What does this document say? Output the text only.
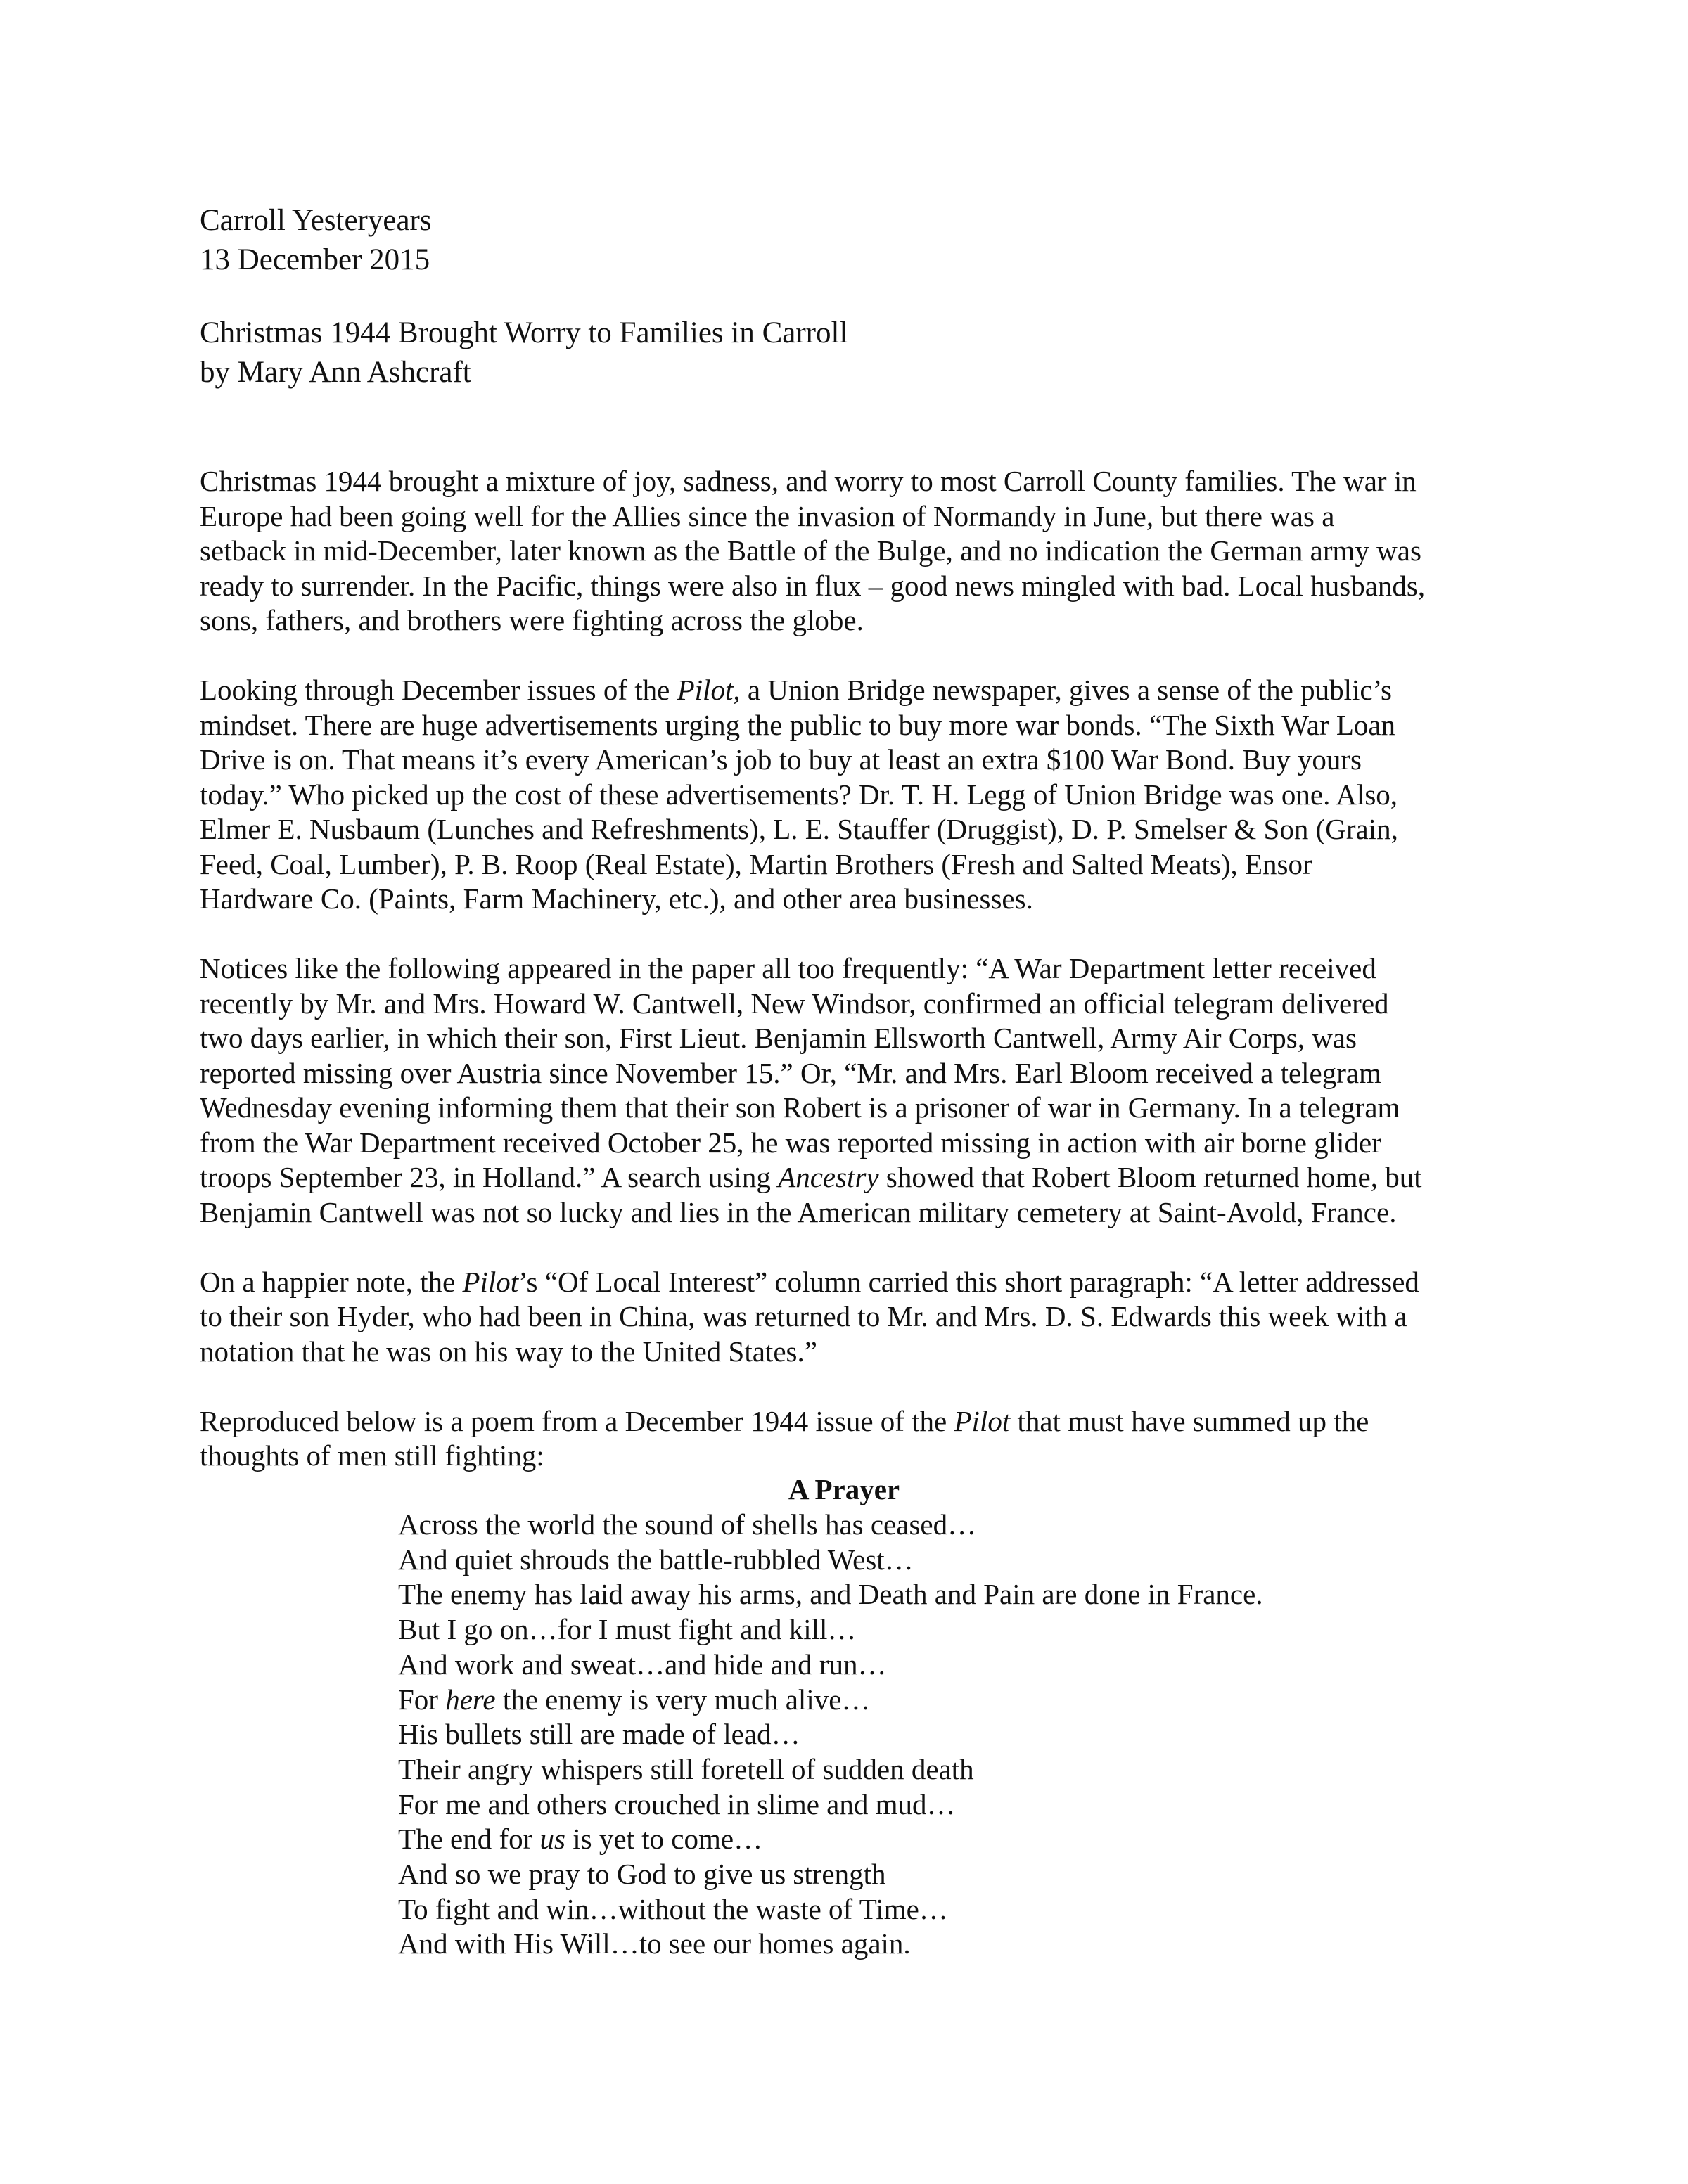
Carroll Yesteryears

13 December 2015

Christmas 1944 Brought Worry to Families in Carroll

by Mary Ann Ashcraft

Christmas 1944 brought a mixture of joy, sadness, and worry to most Carroll County families. The war in
Europe had been going well for the Allies since the invasion of Normandy in June, but there was a
setback in mid-December, later known as the Battle of the Bulge, and no indication the German army was
ready to surrender. In the Pacific, things were also in flux – good news mingled with bad. Local husbands,
sons, fathers, and brothers were fighting across the globe.

Looking through December issues of the Pilot, a Union Bridge newspaper, gives a sense of the public’s
mindset. There are huge advertisements urging the public to buy more war bonds. “The Sixth War Loan
Drive is on. That means it’s every American’s job to buy at least an extra $100 War Bond. Buy yours
today.” Who picked up the cost of these advertisements? Dr. T. H. Legg of Union Bridge was one. Also,
Elmer E. Nusbaum (Lunches and Refreshments), L. E. Stauffer (Druggist), D. P. Smelser & Son (Grain,
Feed, Coal, Lumber), P. B. Roop (Real Estate), Martin Brothers (Fresh and Salted Meats), Ensor
Hardware Co. (Paints, Farm Machinery, etc.), and other area businesses.

Notices like the following appeared in the paper all too frequently: “A War Department letter received
recently by Mr. and Mrs. Howard W. Cantwell, New Windsor, confirmed an official telegram delivered
two days earlier, in which their son, First Lieut. Benjamin Ellsworth Cantwell, Army Air Corps, was
reported missing over Austria since November 15.” Or, “Mr. and Mrs. Earl Bloom received a telegram
Wednesday evening informing them that their son Robert is a prisoner of war in Germany. In a telegram
from the War Department received October 25, he was reported missing in action with air borne glider
troops September 23, in Holland.” A search using Ancestry showed that Robert Bloom returned home, but
Benjamin Cantwell was not so lucky and lies in the American military cemetery at Saint-Avold, France.

On a happier note, the Pilot’s “Of Local Interest” column carried this short paragraph: “A letter addressed
to their son Hyder, who had been in China, was returned to Mr. and Mrs. D. S. Edwards this week with a
notation that he was on his way to the United States.”

Reproduced below is a poem from a December 1944 issue of the Pilot that must have summed up the
thoughts of men still fighting:

A Prayer
Across the world the sound of shells has ceased…
And quiet shrouds the battle-rubbled West…
The enemy has laid away his arms, and Death and Pain are done in France.
But I go on…for I must fight and kill…
And work and sweat…and hide and run…
For here the enemy is very much alive…
His bullets still are made of lead…
Their angry whispers still foretell of sudden death
For me and others crouched in slime and mud…
The end for us is yet to come…
And so we pray to God to give us strength
To fight and win…without the waste of Time…
And with His Will…to see our homes again.
